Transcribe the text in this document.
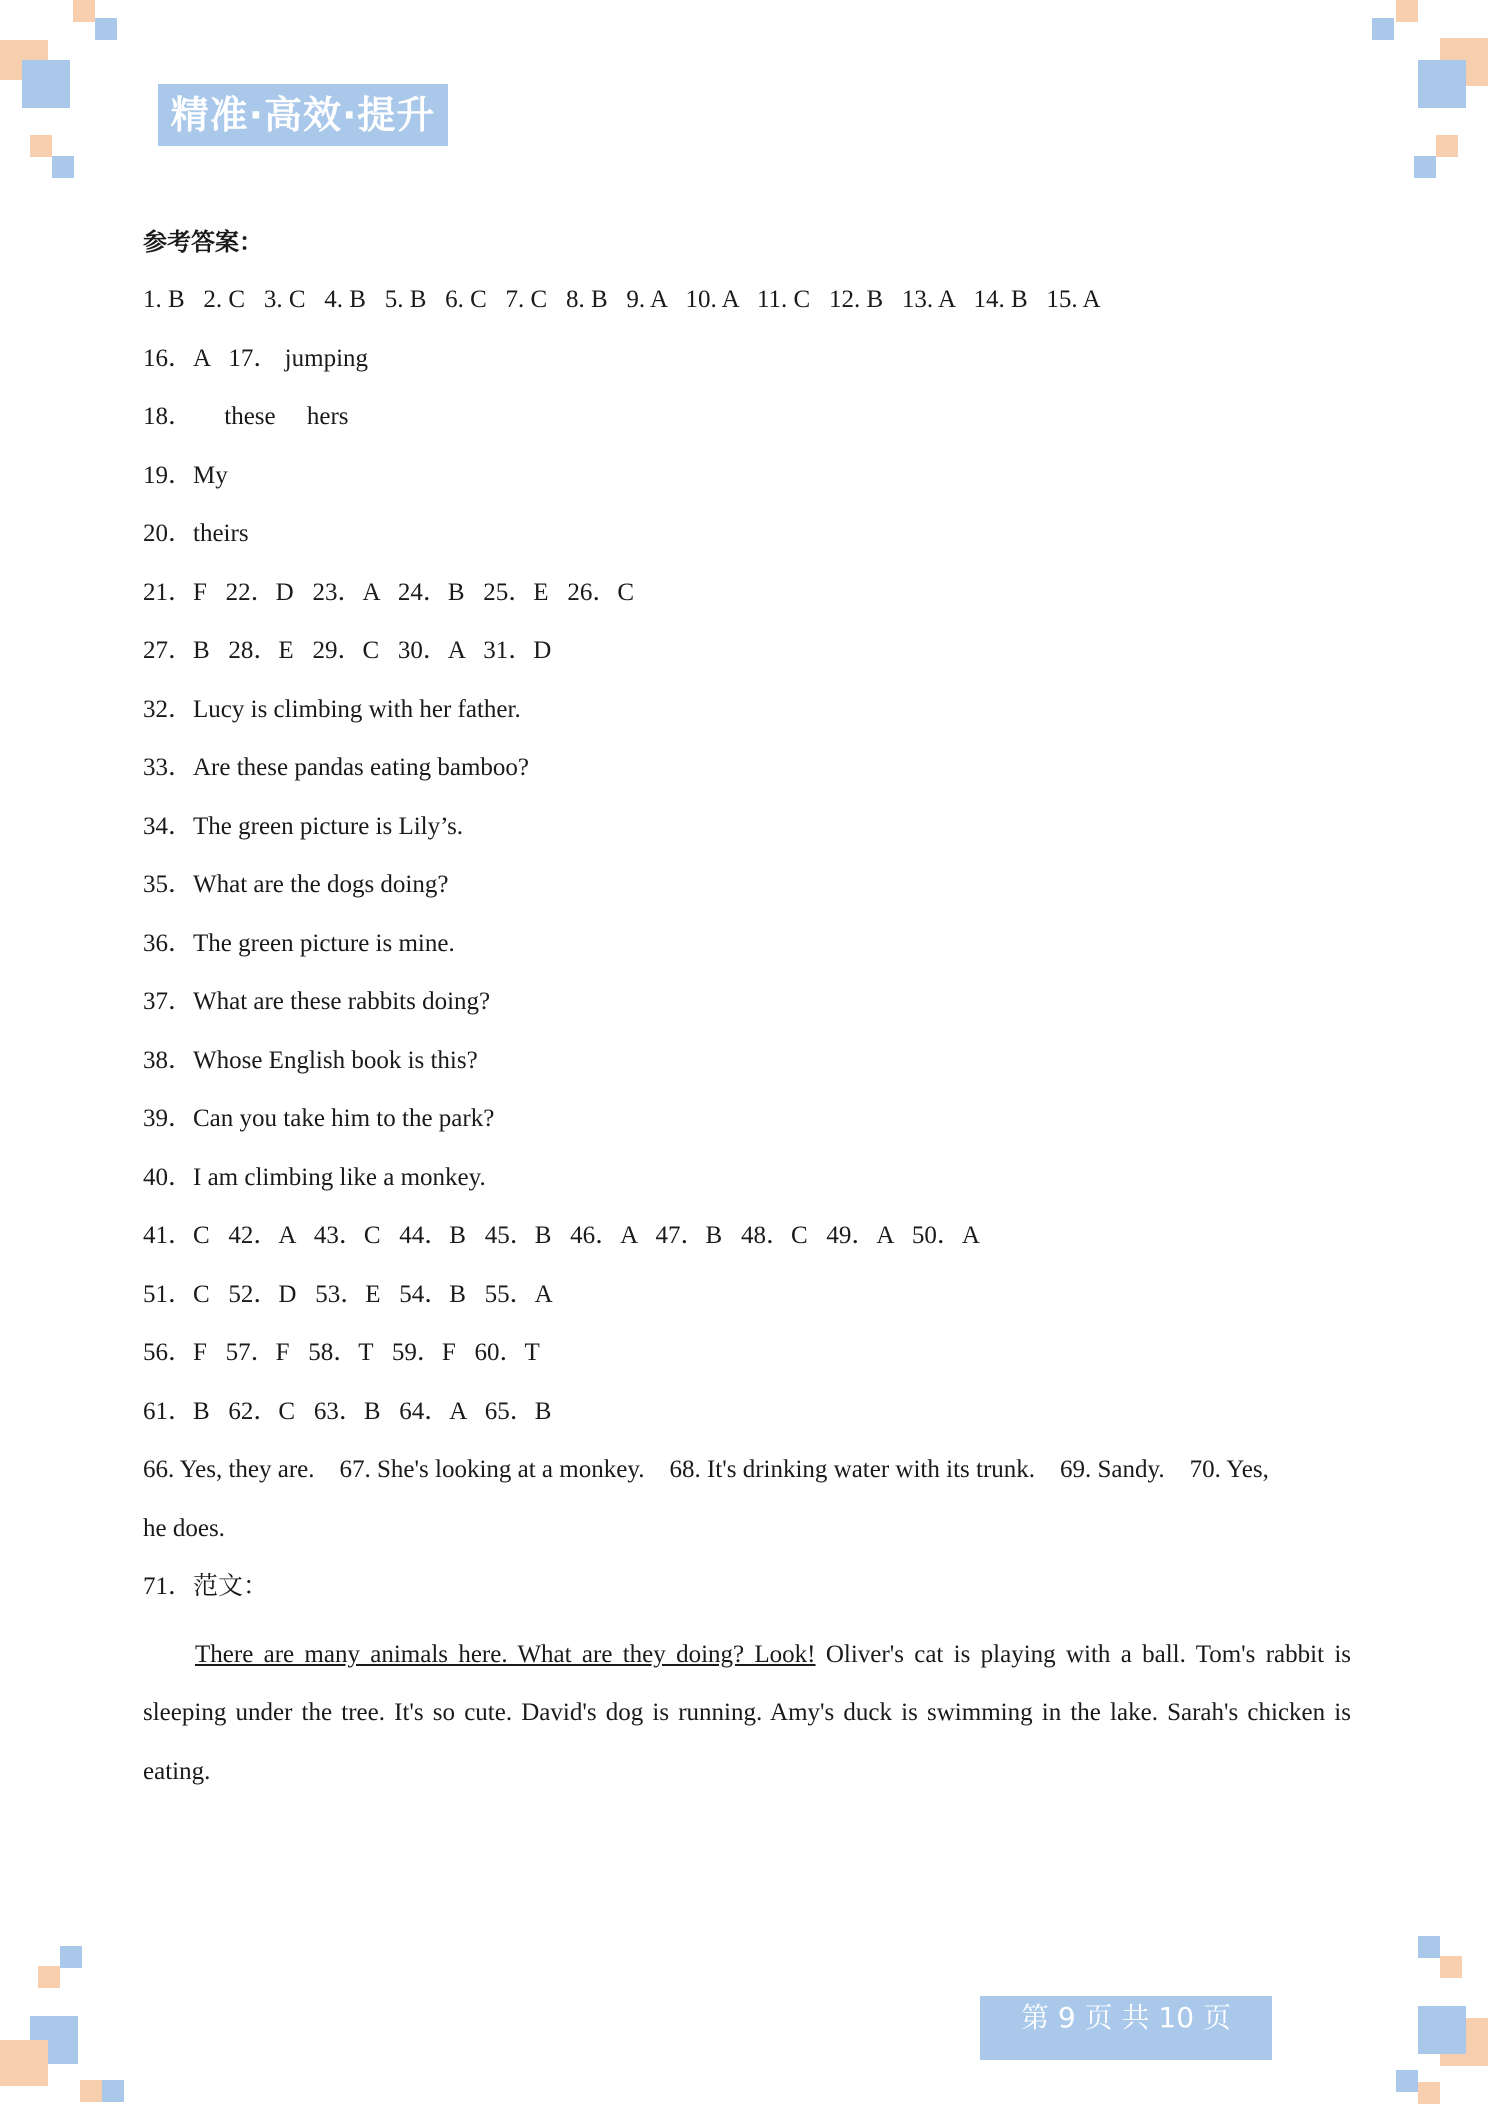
精准·高效·提升
参考答案：
1. B   2. C   3. C   4. B   5. B   6. C   7. C   8. B   9. A   10. A   11. C   12. B   13. A   14. B   15. A
16．A   17． jumping
18．     these     hers
19．My
20．theirs
21．F   22．D   23．A   24．B   25．E   26．C
27．B   28．E   29．C   30．A   31．D
32．Lucy is climbing with her father.
33．Are these pandas eating bamboo?
34．The green picture is Lily’s.
35．What are the dogs doing?
36．The green picture is mine.
37．What are these rabbits doing?
38．Whose English book is this?
39．Can you take him to the park?
40．I am climbing like a monkey.
41．C   42．A   43．C   44．B   45．B   46．A   47．B   48．C   49．A   50．A
51．C   52．D   53．E   54．B   55．A
56．F   57．F   58．T   59．F   60．T
61．B   62．C   63．B   64．A   65．B
66. Yes, they are.    67. She's looking at a monkey.    68. It's drinking water with its trunk.    69. Sandy.    70. Yes,
he does.
71．范文：
There are many animals here. What are they doing? Look! Oliver's cat is playing with a ball. Tom's rabbit is sleeping under the tree. It's so cute. David's dog is running. Amy's duck is swimming in the lake. Sarah's chicken is eating.
第 9 页 共 10 页
